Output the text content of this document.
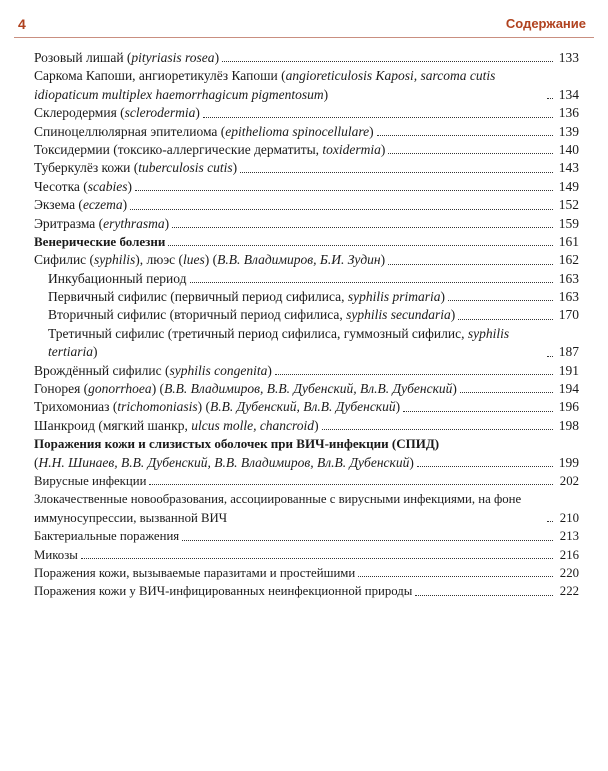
4	Содержание
Розовый лишай (pityriasis rosea)	133
Саркома Капоши, ангиоретикулёз Капоши (angioreticulosis Kaposi, sarcoma cutis idiopaticum multiplex haemorrhagicum pigmentosum)	134
Склеродермия (sclerodermia)	136
Спиноцеллюлярная эпителиома (epithelioma spinocellulare)	139
Токсидермии (токсико-аллергические дерматиты, toxidermia)	140
Туберкулёз кожи (tuberculosis cutis)	143
Чесотка (scabies)	149
Экзема (eczema)	152
Эритразма (erythrasma)	159
Венерические болезни	161
Сифилис (syphilis), люэс (lues) (В.В. Владимиров, Б.И. Зудин)	162
Инкубационный период	163
Первичный сифилис (первичный период сифилиса, syphilis primaria)	163
Вторичный сифилис (вторичный период сифилиса, syphilis secundaria)	170
Третичный сифилис (третичный период сифилиса, гуммозный сифилис, syphilis tertiaria)	187
Врождённый сифилис (syphilis congenita)	191
Гонорея (gonorrhoea) (В.В. Владимиров, В.В. Дубенский, Вл.В. Дубенский)	194
Трихомониаз (trichomoniasis) (В.В. Дубенский, Вл.В. Дубенский)	196
Шанкроид (мягкий шанкр, ulcus molle, chancroid)	198
Поражения кожи и слизистых оболочек при ВИЧ-инфекции (СПИД)
(Н.Н. Шинаев, В.В. Дубенский, В.В. Владимиров, Вл.В. Дубенский)	199
Вирусные инфекции	202
Злокачественные новообразования, ассоциированные с вирусными инфекциями, на фоне иммуносупрессии, вызванной ВИЧ	210
Бактериальные поражения	213
Микозы	216
Поражения кожи, вызываемые паразитами и простейшими	220
Поражения кожи у ВИЧ-инфицированных неинфекционной природы	222
